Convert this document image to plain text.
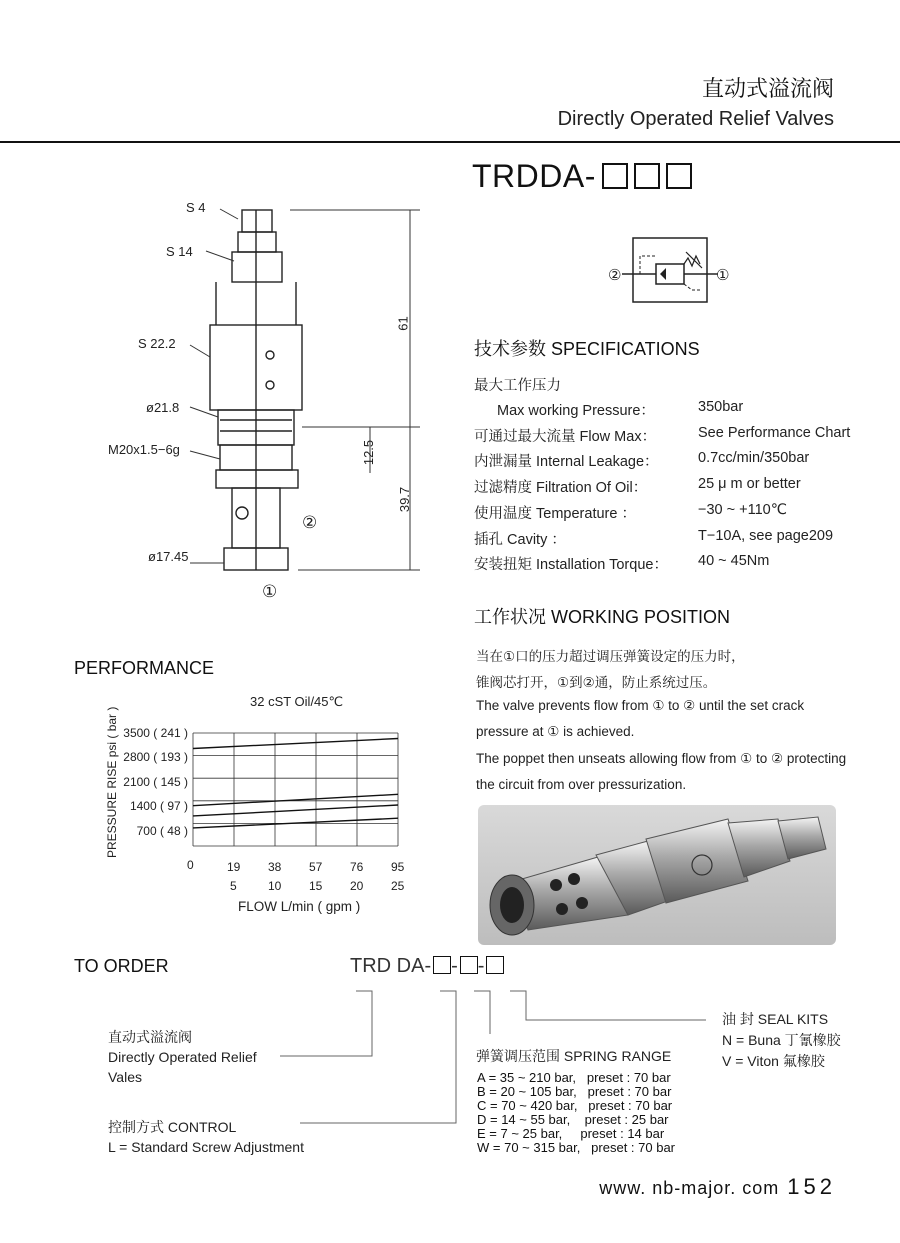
直动式溢流阀
Directly Operated Relief Valves
TRDDA-
②	①
S 4
S 14
S 22.2
ø21.8
M20x1.5−6g
ø17.45
61
12.5
39.7
②
①
技术参数 SPECIFICATIONS
最大工作压力
Max working Pressure：	350bar
可通过最大流量 Flow Max：	See Performance Chart
内泄漏量 Internal Leakage：	0.7cc/min/350bar
过滤精度 Filtration Of Oil：	25 μ m or better
使用温度 Temperature ：	−30 ~ +110℃
插孔 Cavity ：	T−10A, see page209
安装扭矩 Installation Torque： 40 ~ 45Nm
工作状况 WORKING POSITION
当在①口的压力超过调压弹簧设定的压力时，
锥阀芯打开，①到②通，防止系统过压。
The valve prevents flow from ① to ② until the set crack
pressure at ① is achieved.
The poppet then unseats allowing flow from ① to ② protecting
the circuit from over pressurization.
PERFORMANCE
32 cST Oil/45℃
PRESSURE RISE psi ( bar ) 3500 ( 241 )
2800 ( 193 )
2100 ( 145 )
1400 ( 97 )
700 ( 48 )
0	19 38 57 76 95
5	10 15 20 25
FLOW L/min ( gpm )
TO ORDER	TRD DA- - -
直动式溢流阀
Directly Operated Relief
Vales
控制方式 CONTROL
L = Standard Screw Adjustment
弹簧调压范围 SPRING RANGE
A = 35 ~ 210 bar,   preset : 70 bar
B = 20 ~ 105 bar,   preset : 70 bar
C = 70 ~ 420 bar,   preset : 70 bar
D = 14 ~ 55 bar,    preset : 25 bar
E = 7 ~ 25 bar,     preset : 14 bar
W = 70 ~ 315 bar,   preset : 70 bar
油 封 SEAL KITS
N = Buna 丁氰橡胶
V = Viton 氟橡胶
www. nb-major. com 152
